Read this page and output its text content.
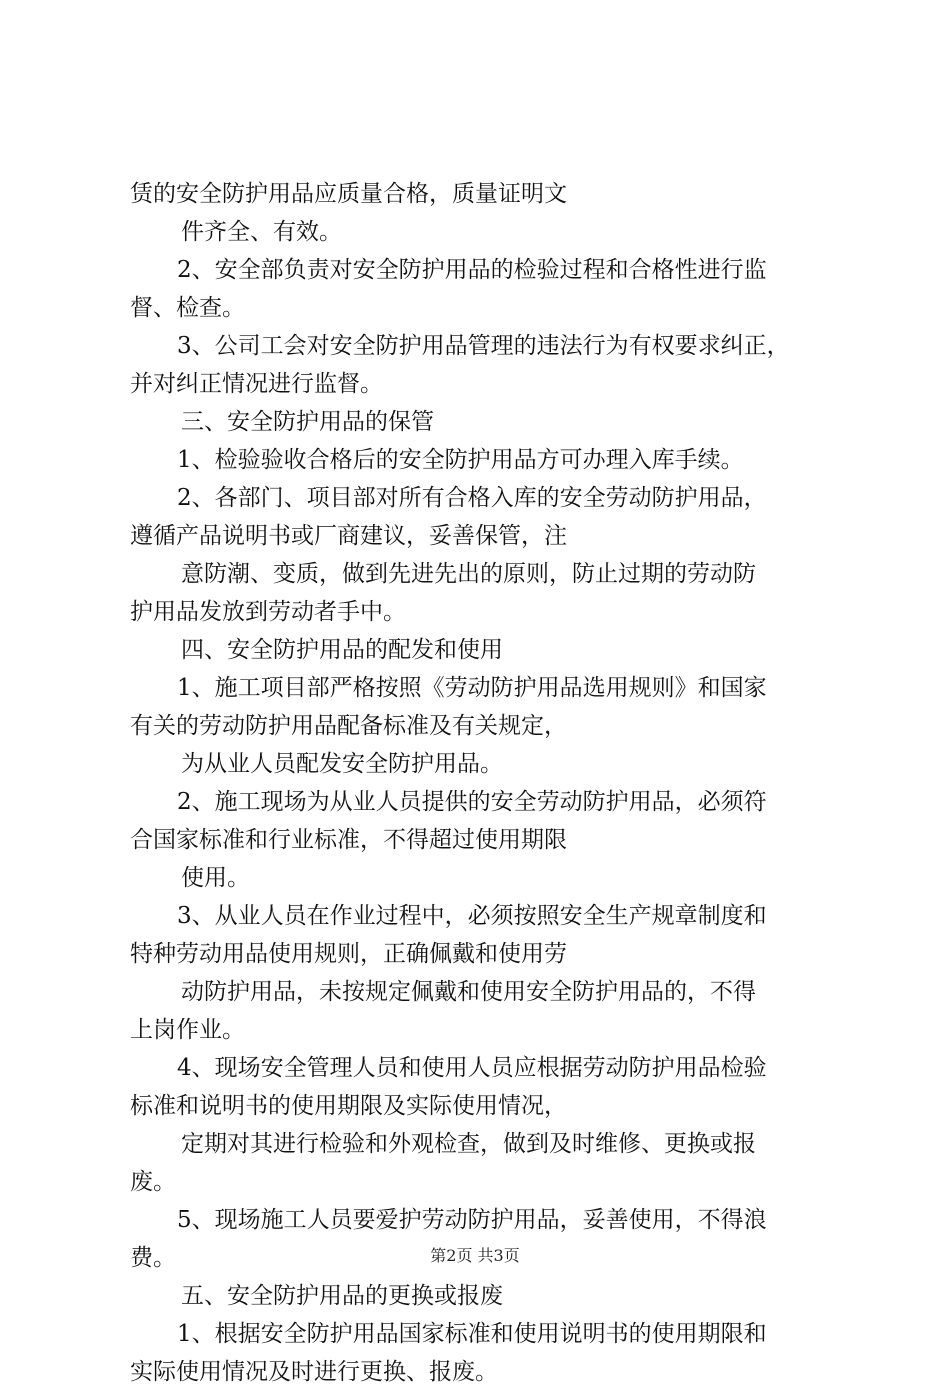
赁的安全防护用品应质量合格，质量证明文
件齐全、有效。
2、安全部负责对安全防护用品的检验过程和合格性进行监
督、检查。
3、公司工会对安全防护用品管理的违法行为有权要求纠正，
并对纠正情况进行监督。
三、安全防护用品的保管
1、检验验收合格后的安全防护用品方可办理入库手续。
2、各部门、项目部对所有合格入库的安全劳动防护用品，
遵循产品说明书或厂商建议，妥善保管，注
意防潮、变质，做到先进先出的原则，防止过期的劳动防
护用品发放到劳动者手中。
四、安全防护用品的配发和使用
1、施工项目部严格按照《劳动防护用品选用规则》和国家
有关的劳动防护用品配备标准及有关规定，
为从业人员配发安全防护用品。
2、施工现场为从业人员提供的安全劳动防护用品，必须符
合国家标准和行业标准，不得超过使用期限
使用。
3、从业人员在作业过程中，必须按照安全生产规章制度和
特种劳动用品使用规则，正确佩戴和使用劳
动防护用品，未按规定佩戴和使用安全防护用品的，不得
上岗作业。
4、现场安全管理人员和使用人员应根据劳动防护用品检验
标准和说明书的使用期限及实际使用情况，
定期对其进行检验和外观检查，做到及时维修、更换或报
废。
5、现场施工人员要爱护劳动防护用品，妥善使用，不得浪
费。
五、安全防护用品的更换或报废
1、根据安全防护用品国家标准和使用说明书的使用期限和
实际使用情况及时进行更换、报废。
第2页 共3页
